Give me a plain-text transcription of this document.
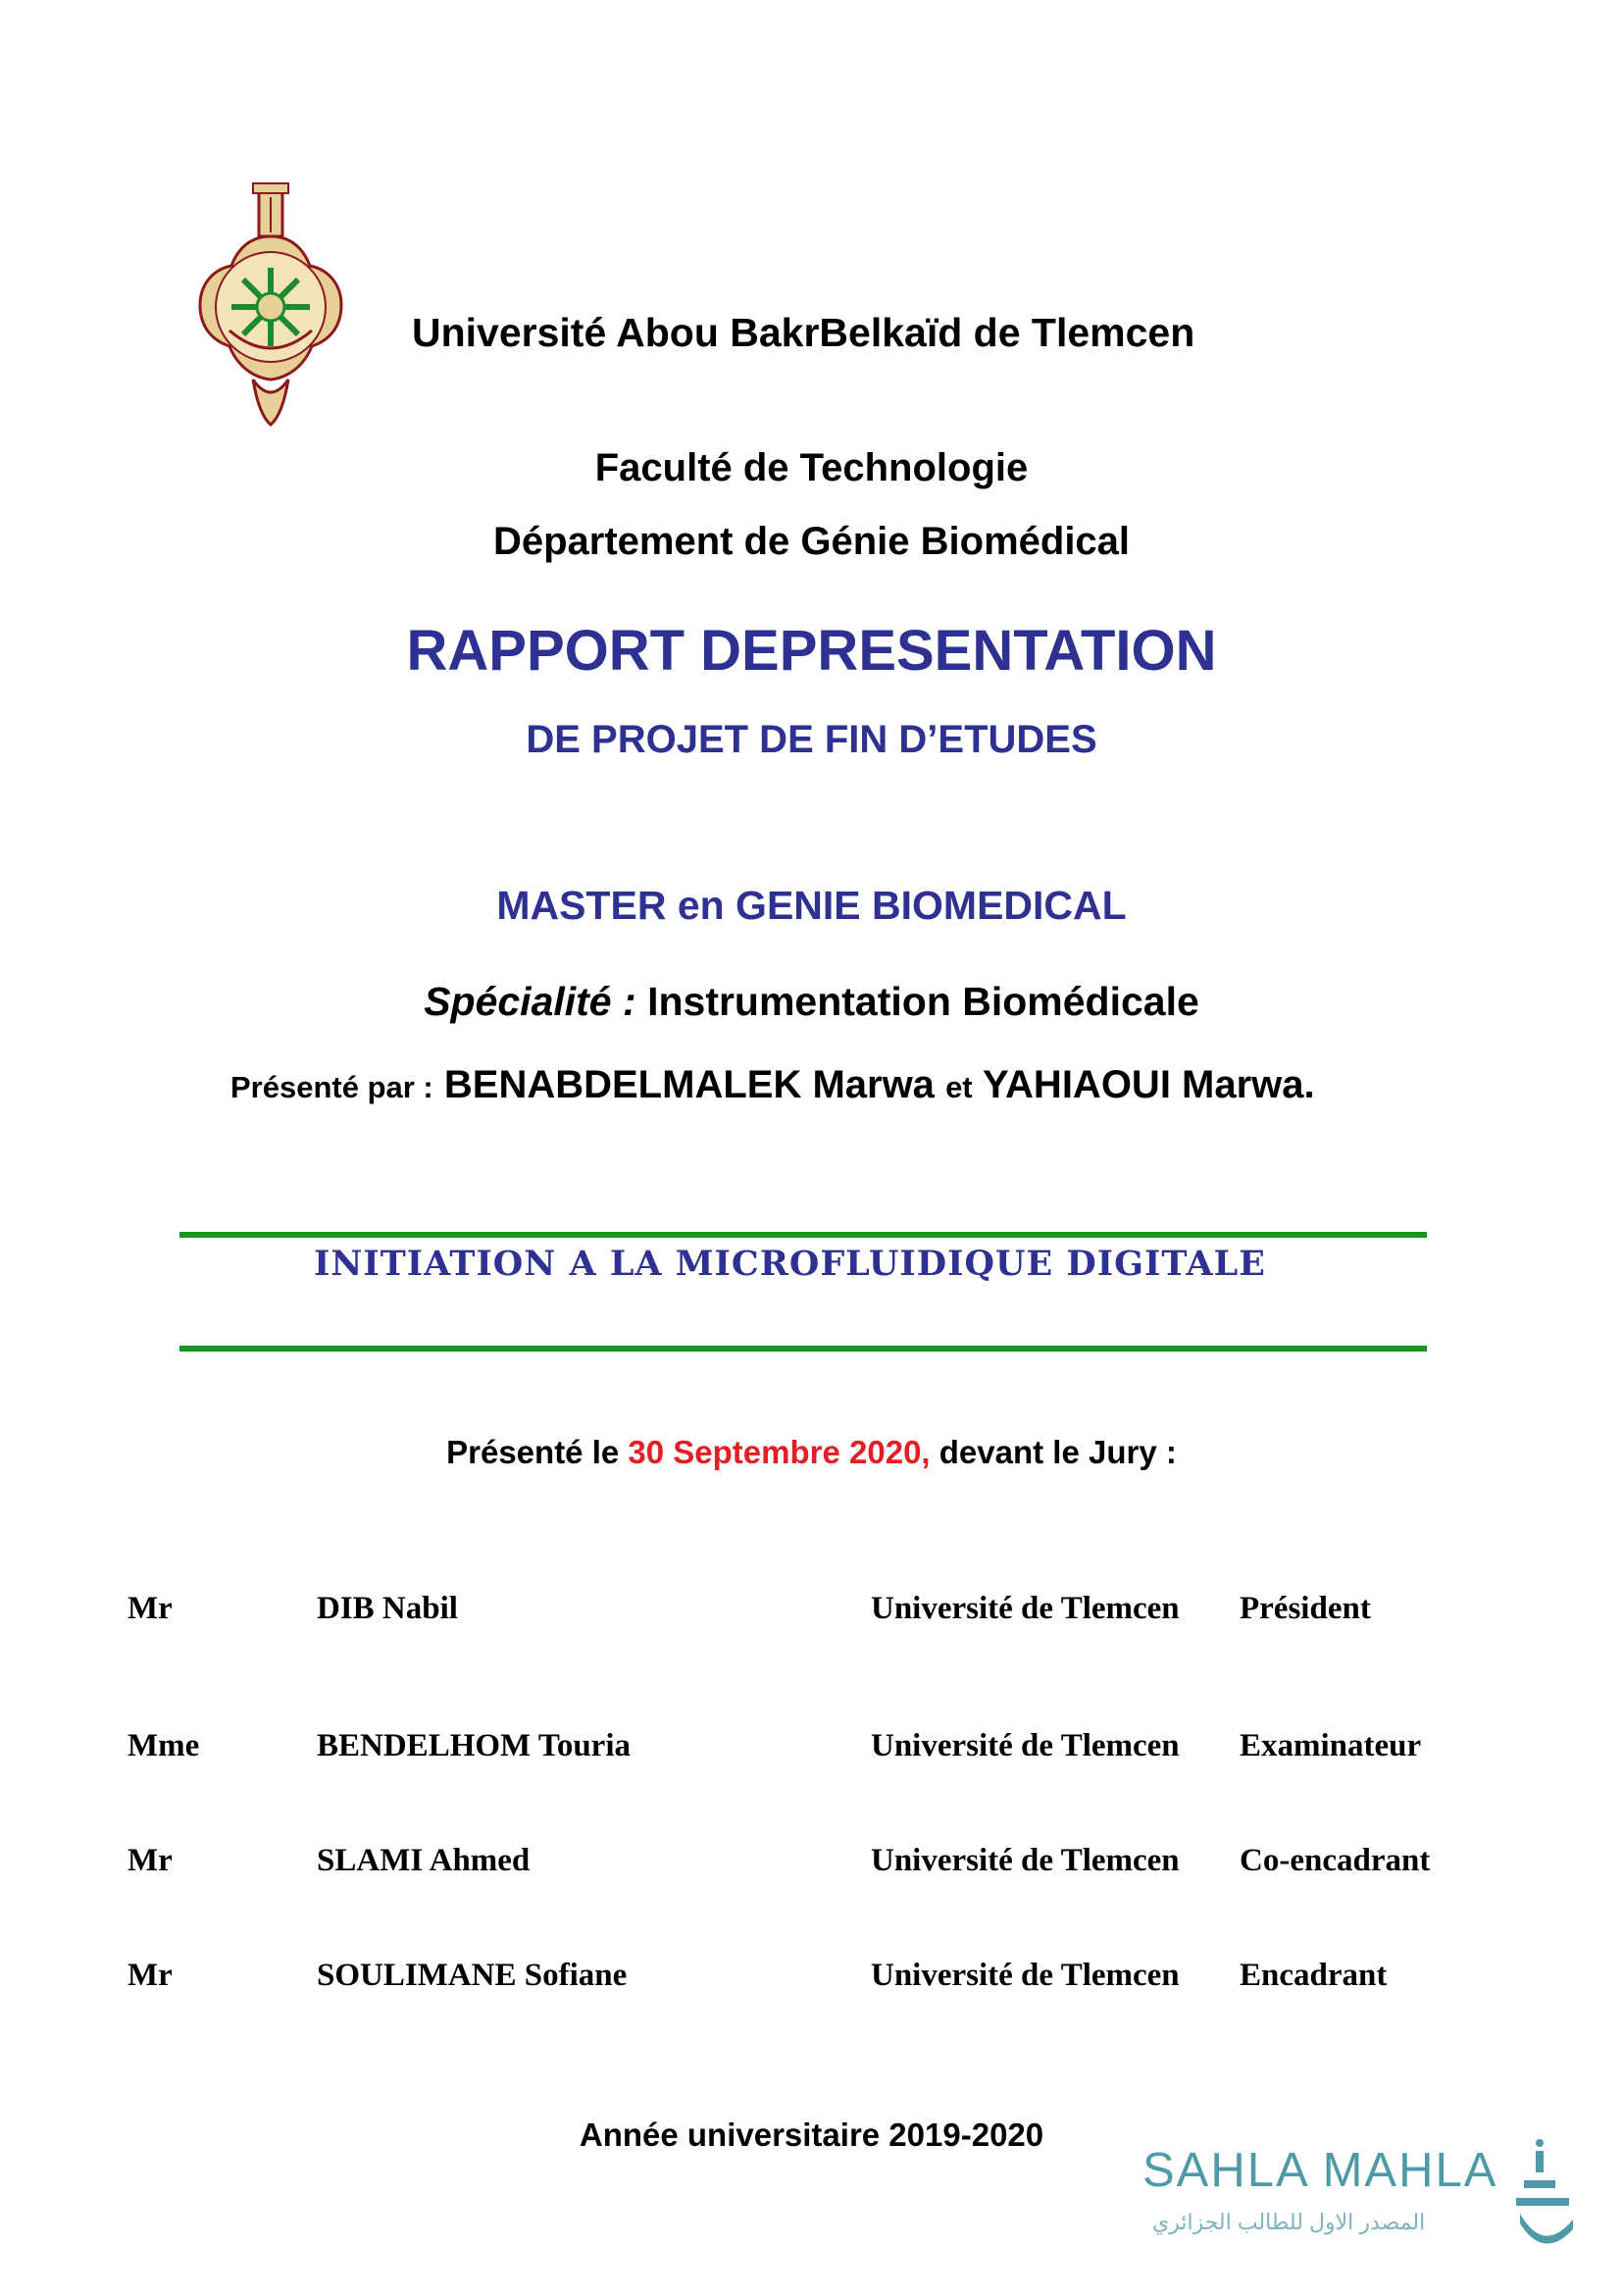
Université Abou BakrBelkaïd de Tlemcen
Faculté de Technologie
Département de Génie Biomédical
RAPPORT DEPRESENTATION
DE PROJET DE FIN D’ETUDES
MASTER en GENIE BIOMEDICAL
Spécialité : Instrumentation Biomédicale
Présenté par : BENABDELMALEK Marwa et YAHIAOUI Marwa.
INITIATION A LA MICROFLUIDIQUE DIGITALE
Présenté le 30 Septembre 2020, devant le Jury :
Mr	DIB Nabil	Université de Tlemcen Président
Mme	BENDELHOM Touria	Université de Tlemcen Examinateur
Mr	SLAMI Ahmed	Université de Tlemcen Co-encadrant
Mr	SOULIMANE Sofiane	Université de Tlemcen Encadrant
Année universitaire 2019-2020
SAHLA MAHLA
المصدر الاول للطالب الجزائري
